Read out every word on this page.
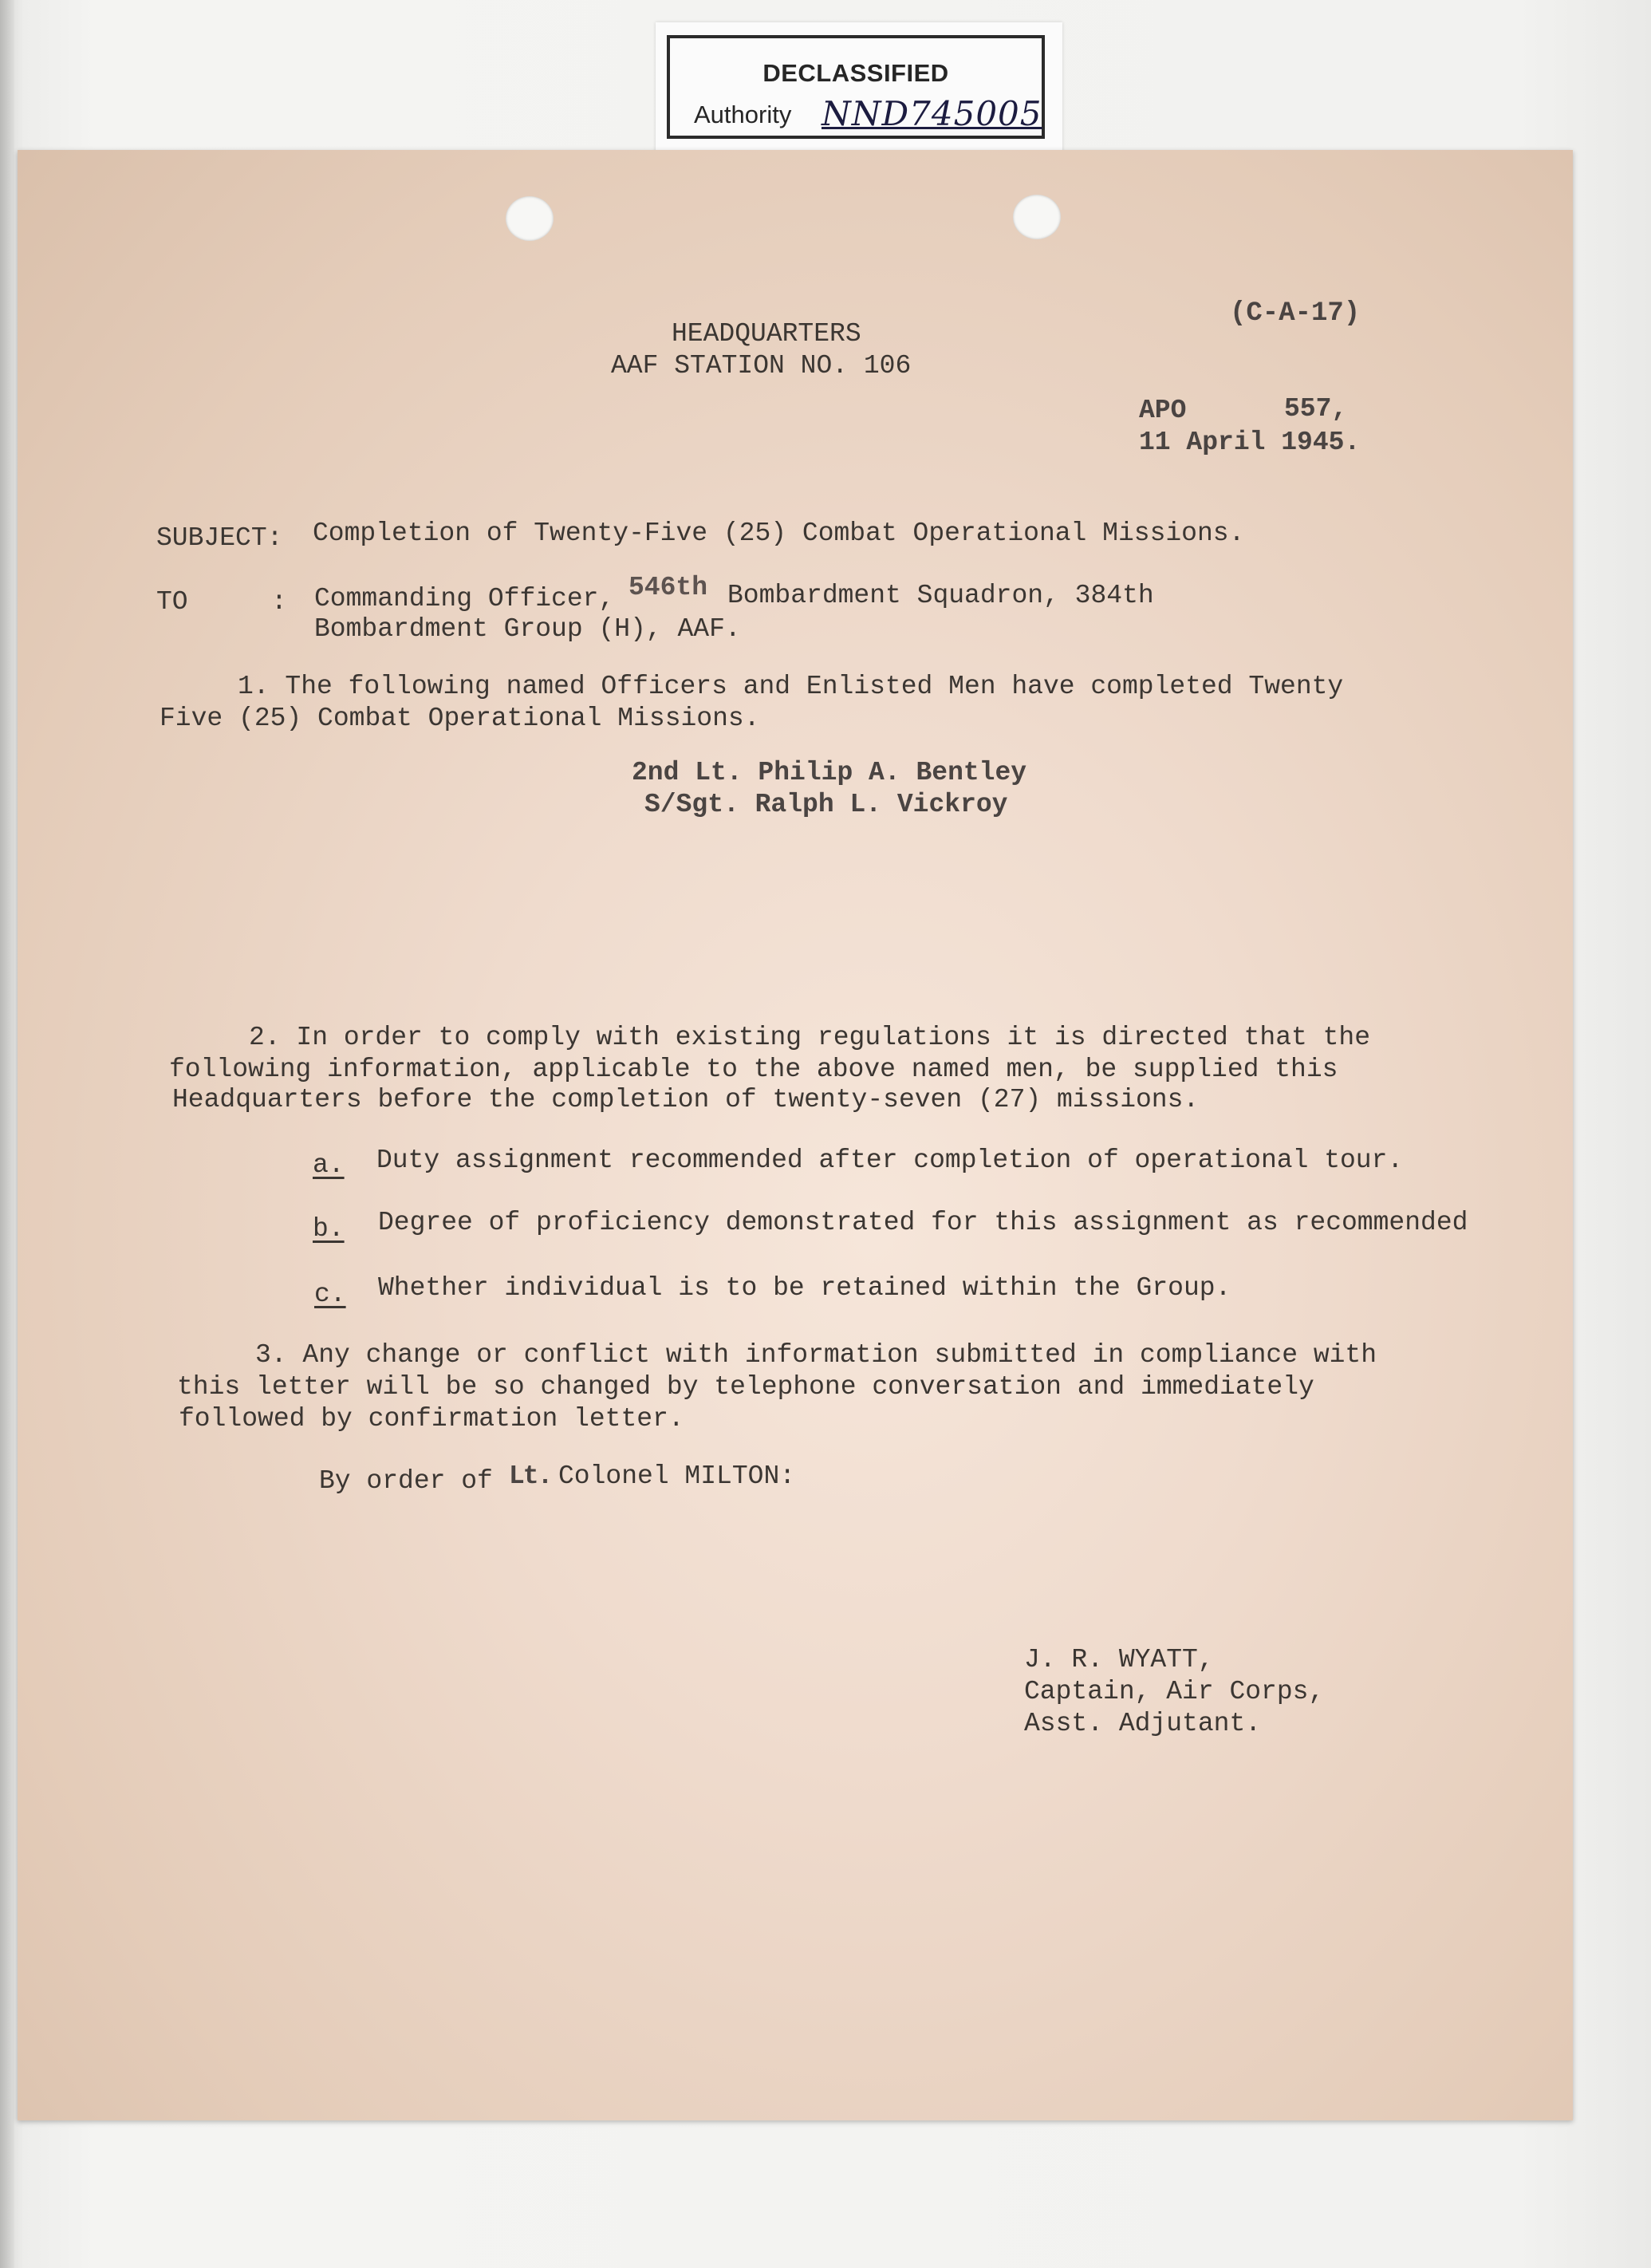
DECLASSIFIED
Authority NND745005
(C-A-17)
HEADQUARTERS
AAF STATION NO. 106
APO	557,
11 April 1945.
SUBJECT: Completion of Twenty-Five (25) Combat Operational Missions.
TO	: Commanding Officer, 546th Bombardment Squadron, 384th
Bombardment Group (H), AAF.
1. The following named Officers and Enlisted Men have completed Twenty
Five (25) Combat Operational Missions.
2nd Lt. Philip A. Bentley
S/Sgt. Ralph L. Vickroy
2. In order to comply with existing regulations it is directed that the
following information, applicable to the above named men, be supplied this
Headquarters before the completion of twenty-seven (27) missions.
a. Duty assignment recommended after completion of operational tour.
b. Degree of proficiency demonstrated for this assignment as recommended
c. Whether individual is to be retained within the Group.
3. Any change or conflict with information submitted in compliance with
this letter will be so changed by telephone conversation and immediately
followed by confirmation letter.
By order of Lt. Colonel MILTON:
J. R. WYATT,
Captain, Air Corps,
Asst. Adjutant.
